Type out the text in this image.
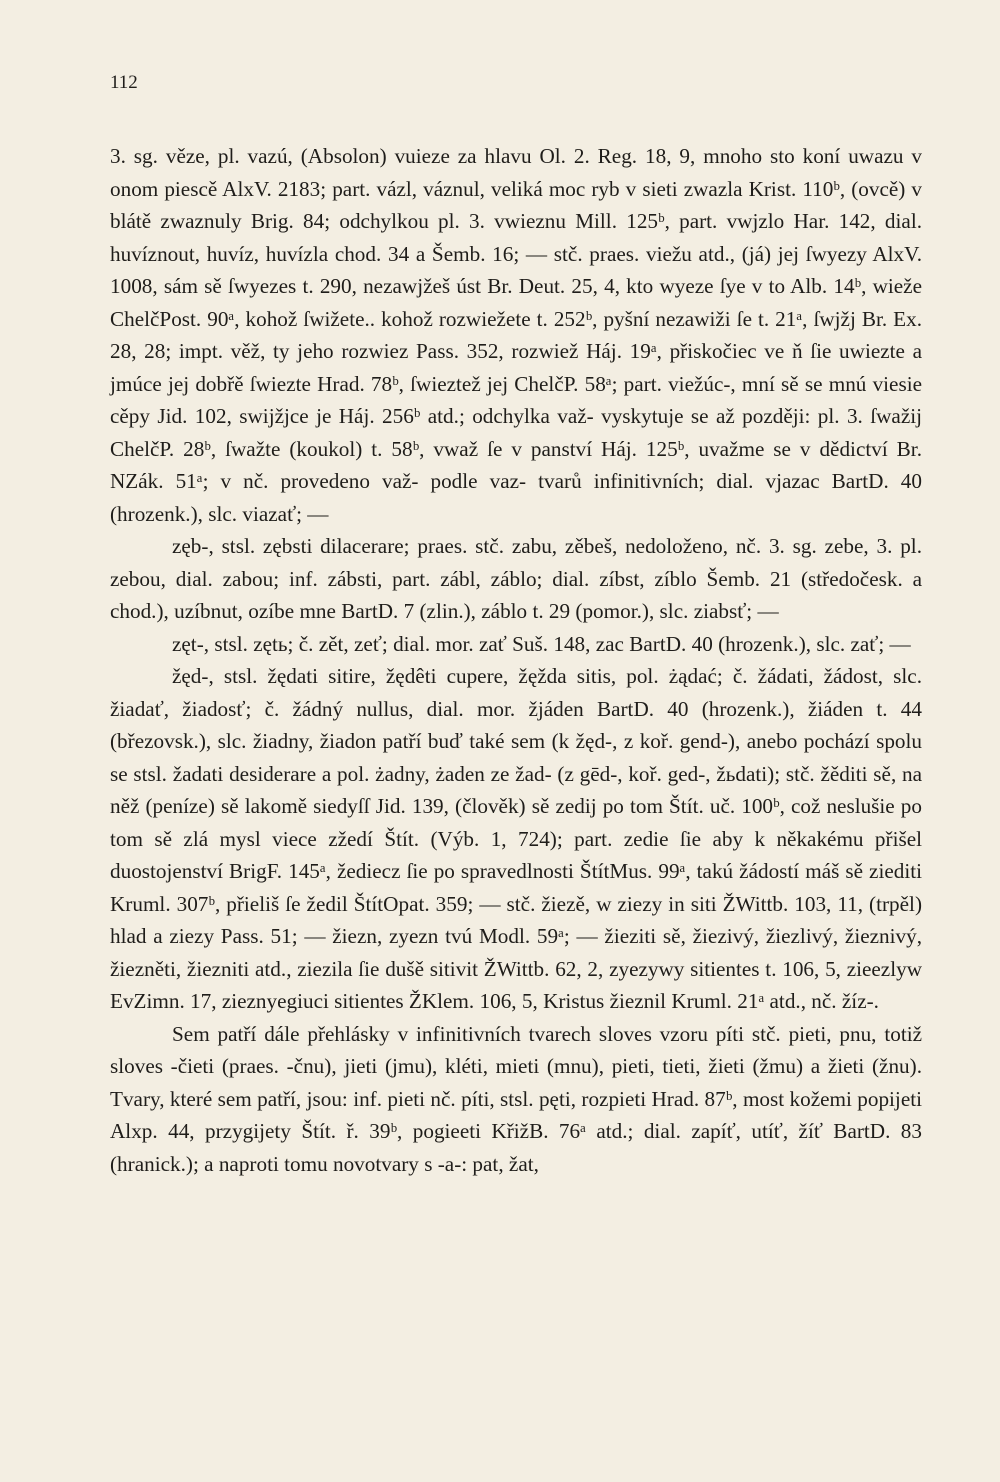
112

3. sg. věze, pl. vazú, (Absolon) vuieze za hlavu Ol. 2. Reg. 18, 9, mnoho sto koní uwazu v onom piescě AlxV. 2183; part. vázl, váznul, veliká moc ryb v sieti zwazla Krist. 110ᵇ, (ovcě) v blátě zwaznuly Brig. 84; odchylkou pl. 3. vwieznu Mill. 125ᵇ, part. vwjzlo Har. 142, dial. huvíznout, huvíz, huvízla chod. 34 a Šemb. 16; — stč. praes. viežu atd., (já) jej ſwyezy AlxV. 1008, sám sě ſwyezes t. 290, nezawjžeš úst Br. Deut. 25, 4, kto wyeze ſye v to Alb. 14ᵇ, wieže ChelčPost. 90ᵃ, kohož ſwižete.. kohož rozwiežete t. 252ᵇ, pyšní nezawiži ſe t. 21ᵃ, ſwjžj Br. Ex. 28, 28; impt. věž, ty jeho rozwiez Pass. 352, rozwiež Háj. 19ᵃ, přiskočiec ve ň ſie uwiezte a jmúce jej dobřě ſwiezte Hrad. 78ᵇ, ſwieztež jej ChelčP. 58ᵃ; part. viežúc-, mní sě se mnú viesie cěpy Jid. 102, swijžjce je Háj. 256ᵇ atd.; odchylka važ- vyskytuje se až později: pl. 3. ſwažij ChelčP. 28ᵇ, ſwažte (koukol) t. 58ᵇ, vwaž ſe v panství Háj. 125ᵇ, uvažme se v dědictví Br. NZák. 51ᵃ; v nč. provedeno važ- podle vaz- tvarů infinitivních; dial. vjazac BartD. 40 (hrozenk.), slc. viazať; —

zęb-, stsl. zębsti dilacerare; praes. stč. zabu, zěbeš, nedoloženo, nč. 3. sg. zebe, 3. pl. zebou, dial. zabou; inf. zábsti, part. zábl, záblo; dial. zíbst, zíblo Šemb. 21 (středočesk. a chod.), uzíbnut, ozíbe mne BartD. 7 (zlin.), záblo t. 29 (pomor.), slc. ziabsť; —

zęt-, stsl. zętь; č. zět, zeť; dial. mor. zať Suš. 148, zac BartD. 40 (hrozenk.), slc. zať; —

žęd-, stsl. žędati sitire, žędêti cupere, žęžda sitis, pol. żądać; č. žádati, žádost, slc. žiadať, žiadosť; č. žádný nullus, dial. mor. žjáden BartD. 40 (hrozenk.), žiáden t. 44 (březovsk.), slc. žiadny, žiadon patří buď také sem (k žęd-, z koř. gend-), anebo pochází spolu se stsl. žadati desiderare a pol. żadny, żaden ze žad- (z gēd-, koř. ged-, žьdati); stč. žěditi sě, na něž (peníze) sě lakomě siedyſſ Jid. 139, (člověk) sě zedij po tom Štít. uč. 100ᵇ, což neslušie po tom sě zlá mysl viece zžedí Štít. (Výb. 1, 724); part. zedie ſie aby k někakému přišel duostojenství BrigF. 145ᵃ, žediecz ſie po spravedlnosti ŠtítMus. 99ᵃ, takú žádostí máš sě ziediti Kruml. 307ᵇ, přieliš ſe žedil ŠtítOpat. 359; — stč. žiezě, w ziezy in siti ŽWittb. 103, 11, (trpěl) hlad a ziezy Pass. 51; — žiezn, zyezn tvú Modl. 59ᵃ; — žieziti sě, žiezivý, žiezlivý, žieznivý, žiezněti, žiezniti atd., ziezila ſie dušě sitivit ŽWittb. 62, 2, zyezywy sitientes t. 106, 5, zieezlyw EvZimn. 17, zieznyegiuci sitientes ŽKlem. 106, 5, Kristus žieznil Kruml. 21ᵃ atd., nč. žíz-.

Sem patří dále přehlásky v infinitivních tvarech sloves vzoru píti stč. pieti, pnu, totiž sloves -čieti (praes. -čnu), jieti (jmu), kléti, mieti (mnu), pieti, tieti, žieti (žmu) a žieti (žnu). Tvary, které sem patří, jsou: inf. pieti nč. píti, stsl. pęti, rozpieti Hrad. 87ᵇ, most kožemi popijeti Alxp. 44, przygijety Štít. ř. 39ᵇ, pogieeti KřižB. 76ᵃ atd.; dial. zapíť, utíť, žíť BartD. 83 (hranick.); a naproti tomu novotvary s -a-: pat, žat,
